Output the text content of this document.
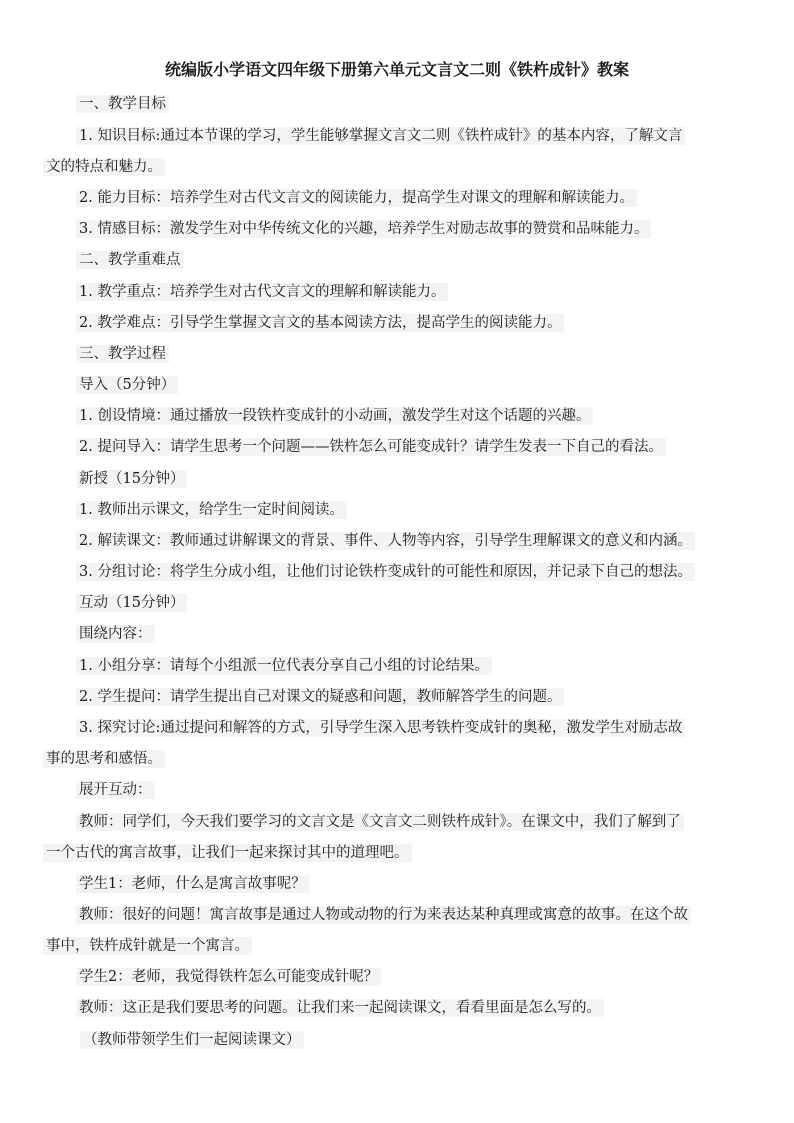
统编版小学语文四年级下册第六单元文言文二则《铁杵成针》教案
一、教学目标
1. 知识目标:通过本节课的学习，学生能够掌握文言文二则《铁杵成针》的基本内容，了解文言
文的特点和魅力。
2. 能力目标：培养学生对古代文言文的阅读能力，提高学生对课文的理解和解读能力。
3. 情感目标：激发学生对中华传统文化的兴趣，培养学生对励志故事的赞赏和品味能力。
二、教学重难点
1. 教学重点：培养学生对古代文言文的理解和解读能力。
2. 教学难点：引导学生掌握文言文的基本阅读方法，提高学生的阅读能力。
三、教学过程
导入（5分钟）
1. 创设情境：通过播放一段铁杵变成针的小动画，激发学生对这个话题的兴趣。
2. 提问导入：请学生思考一个问题——铁杵怎么可能变成针？请学生发表一下自己的看法。
新授（15分钟）
1. 教师出示课文，给学生一定时间阅读。
2. 解读课文：教师通过讲解课文的背景、事件、人物等内容，引导学生理解课文的意义和内涵。
3. 分组讨论：将学生分成小组，让他们讨论铁杵变成针的可能性和原因，并记录下自己的想法。
互动（15分钟）
围绕内容：
1. 小组分享：请每个小组派一位代表分享自己小组的讨论结果。
2. 学生提问：请学生提出自己对课文的疑惑和问题，教师解答学生的问题。
3. 探究讨论:通过提问和解答的方式，引导学生深入思考铁杵变成针的奥秘，激发学生对励志故
事的思考和感悟。
展开互动：
教师：同学们，今天我们要学习的文言文是《文言文二则铁杵成针》。在课文中，我们了解到了
一个古代的寓言故事，让我们一起来探讨其中的道理吧。
学生1：老师，什么是寓言故事呢？
教师：很好的问题！寓言故事是通过人物或动物的行为来表达某种真理或寓意的故事。在这个故
事中，铁杵成针就是一个寓言。
学生2：老师，我觉得铁杵怎么可能变成针呢？
教师：这正是我们要思考的问题。让我们来一起阅读课文，看看里面是怎么写的。
（教师带领学生们一起阅读课文）
